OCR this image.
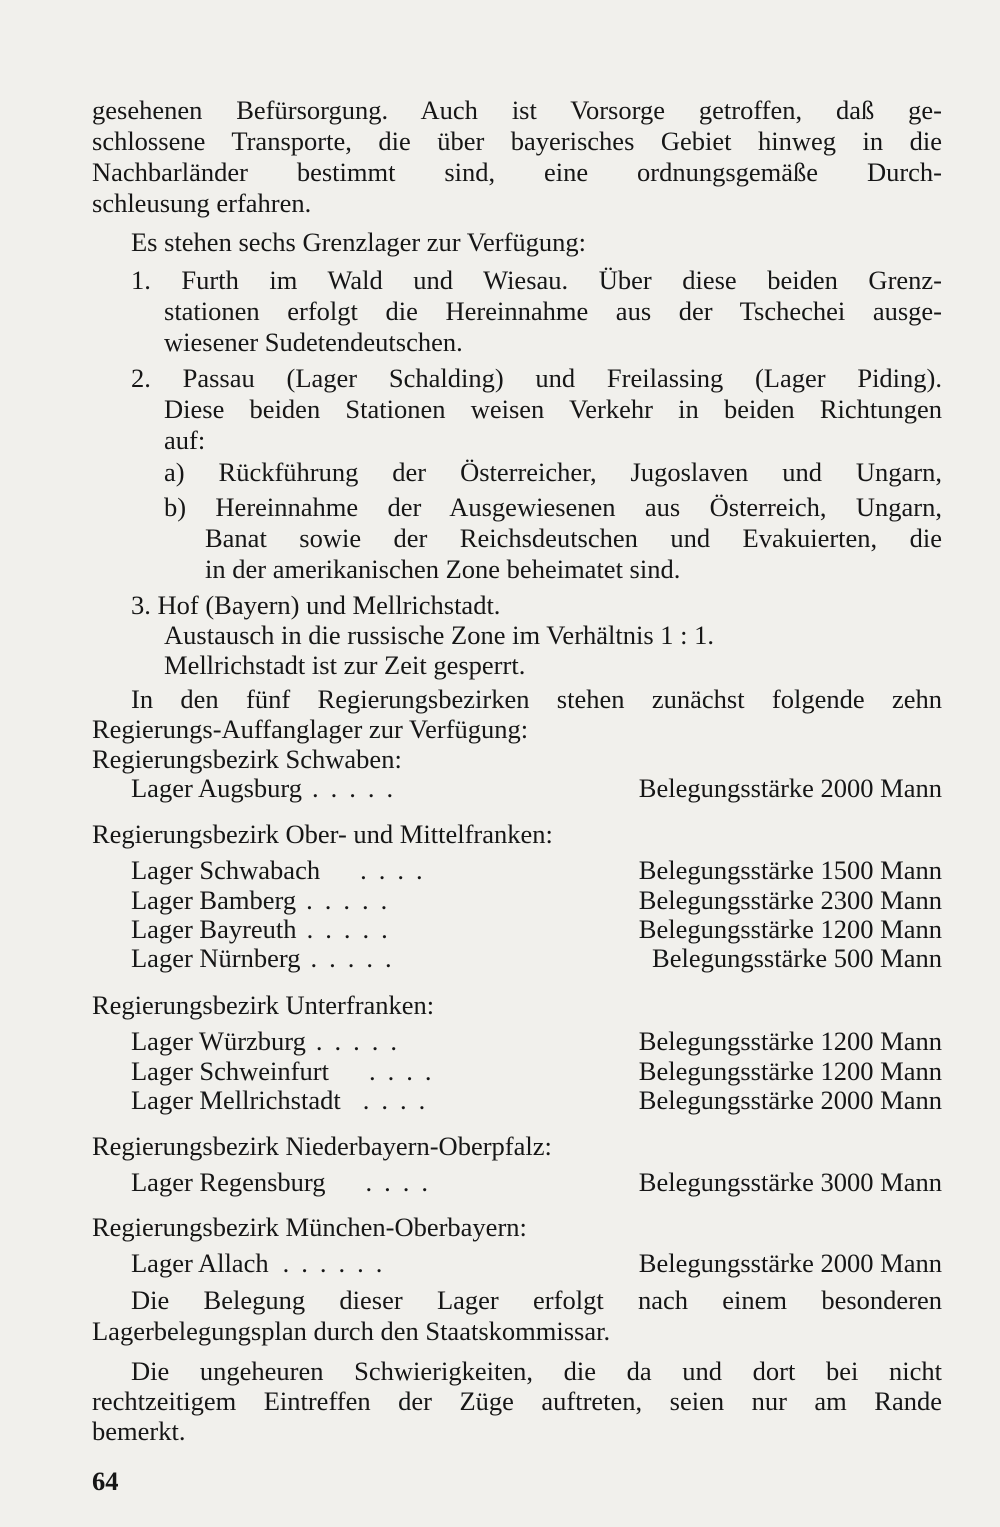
gesehenen Befürsorgung. Auch ist Vorsorge getroffen, daß ge-
schlossene Transporte, die über bayerisches Gebiet hinweg in die
Nachbarländer bestimmt sind, eine ordnungsgemäße Durch-
schleusung erfahren.
Es stehen sechs Grenzlager zur Verfügung:
1. Furth im Wald und Wiesau. Über diese beiden Grenz-
stationen erfolgt die Hereinnahme aus der Tschechei ausge-
wiesener Sudetendeutschen.
2. Passau (Lager Schalding) und Freilassing (Lager Piding).
Diese beiden Stationen weisen Verkehr in beiden Richtungen
auf:
a) Rückführung der Österreicher, Jugoslaven und Ungarn,
b) Hereinnahme der Ausgewiesenen aus Österreich, Ungarn,
Banat sowie der Reichsdeutschen und Evakuierten, die
in der amerikanischen Zone beheimatet sind.
3. Hof (Bayern) und Mellrichstadt.
Austausch in die russische Zone im Verhältnis 1 : 1.
Mellrichstadt ist zur Zeit gesperrt.
In den fünf Regierungsbezirken stehen zunächst folgende zehn
Regierungs-Auffanglager zur Verfügung:
Regierungsbezirk Schwaben:
Lager Augsburg .....	Belegungsstärke 2000 Mann
Regierungsbezirk Ober- und Mittelfranken:
Lager Schwabach	....	Belegungsstärke 1500 Mann
Lager Bamberg .....	Belegungsstärke 2300 Mann
Lager Bayreuth .....	Belegungsstärke 1200 Mann
Lager Nürnberg .....	Belegungsstärke 500 Mann
Regierungsbezirk Unterfranken:
Lager Würzburg .....	Belegungsstärke 1200 Mann
Lager Schweinfurt	....	Belegungsstärke 1200 Mann
Lager Mellrichstadt ....	Belegungsstärke 2000 Mann
Regierungsbezirk Niederbayern-Oberpfalz:
Lager Regensburg	....	Belegungsstärke 3000 Mann
Regierungsbezirk München-Oberbayern:
Lager Allach ......	Belegungsstärke 2000 Mann
Die Belegung dieser Lager erfolgt nach einem besonderen
Lagerbelegungsplan durch den Staatskommissar.
Die ungeheuren Schwierigkeiten, die da und dort bei nicht
rechtzeitigem Eintreffen der Züge auftreten, seien nur am Rande
bemerkt.
64
